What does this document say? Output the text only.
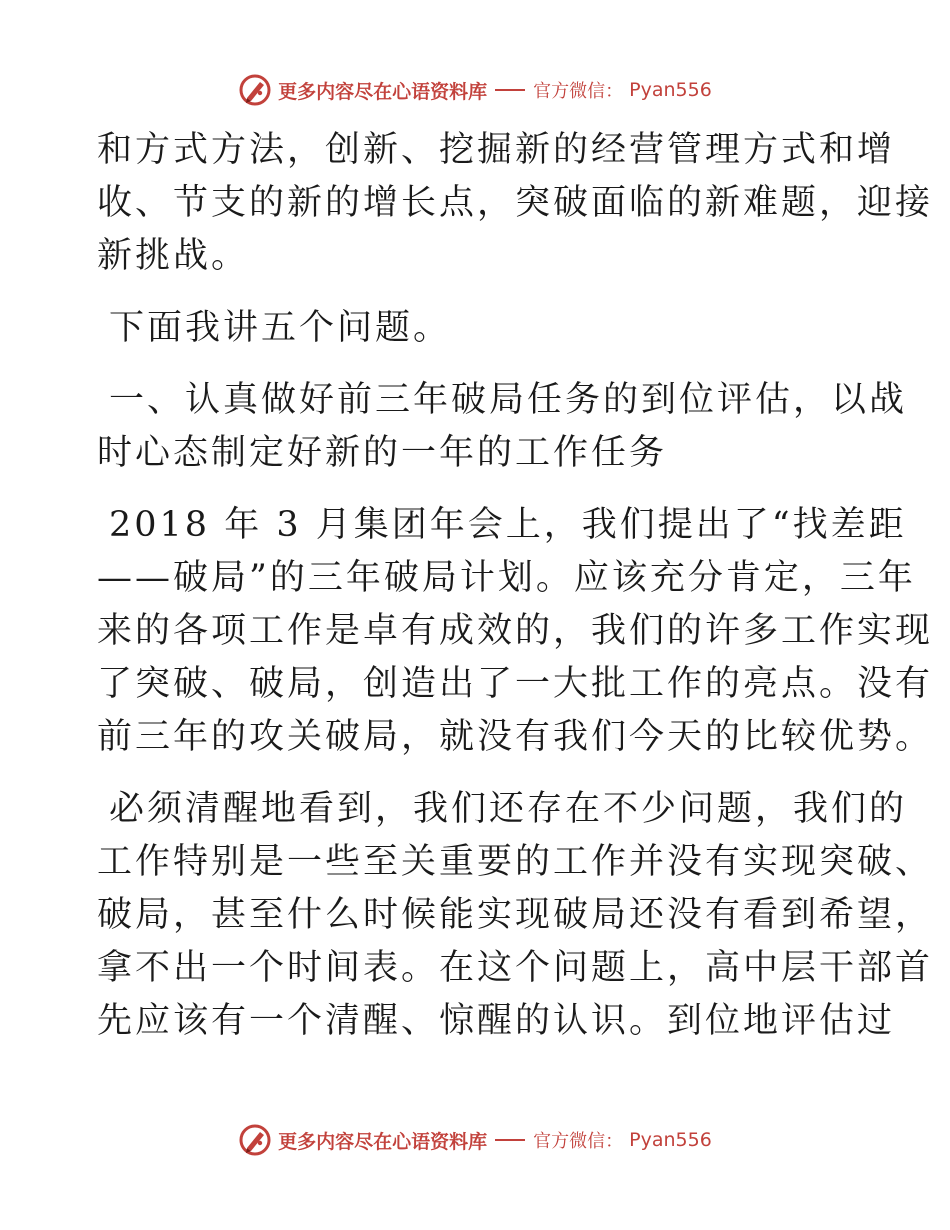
更多内容尽在心语资料库	官方微信： Pyan556

和方式方法，创新、挖掘新的经营管理方式和增
收、节支的新的增长点，突破面临的新难题，迎接
新挑战。

下面我讲五个问题。

一、认真做好前三年破局任务的到位评估，以战
时心态制定好新的一年的工作任务

2018 年 3 月集团年会上，我们提出了“找差距
——破局”的三年破局计划。应该充分肯定，三年
来的各项工作是卓有成效的，我们的许多工作实现
了突破、破局，创造出了一大批工作的亮点。没有
前三年的攻关破局，就没有我们今天的比较优势。

必须清醒地看到，我们还存在不少问题，我们的
工作特别是一些至关重要的工作并没有实现突破、
破局，甚至什么时候能实现破局还没有看到希望，
拿不出一个时间表。在这个问题上，高中层干部首
先应该有一个清醒、惊醒的认识。到位地评估过

更多内容尽在心语资料库	官方微信： Pyan556
